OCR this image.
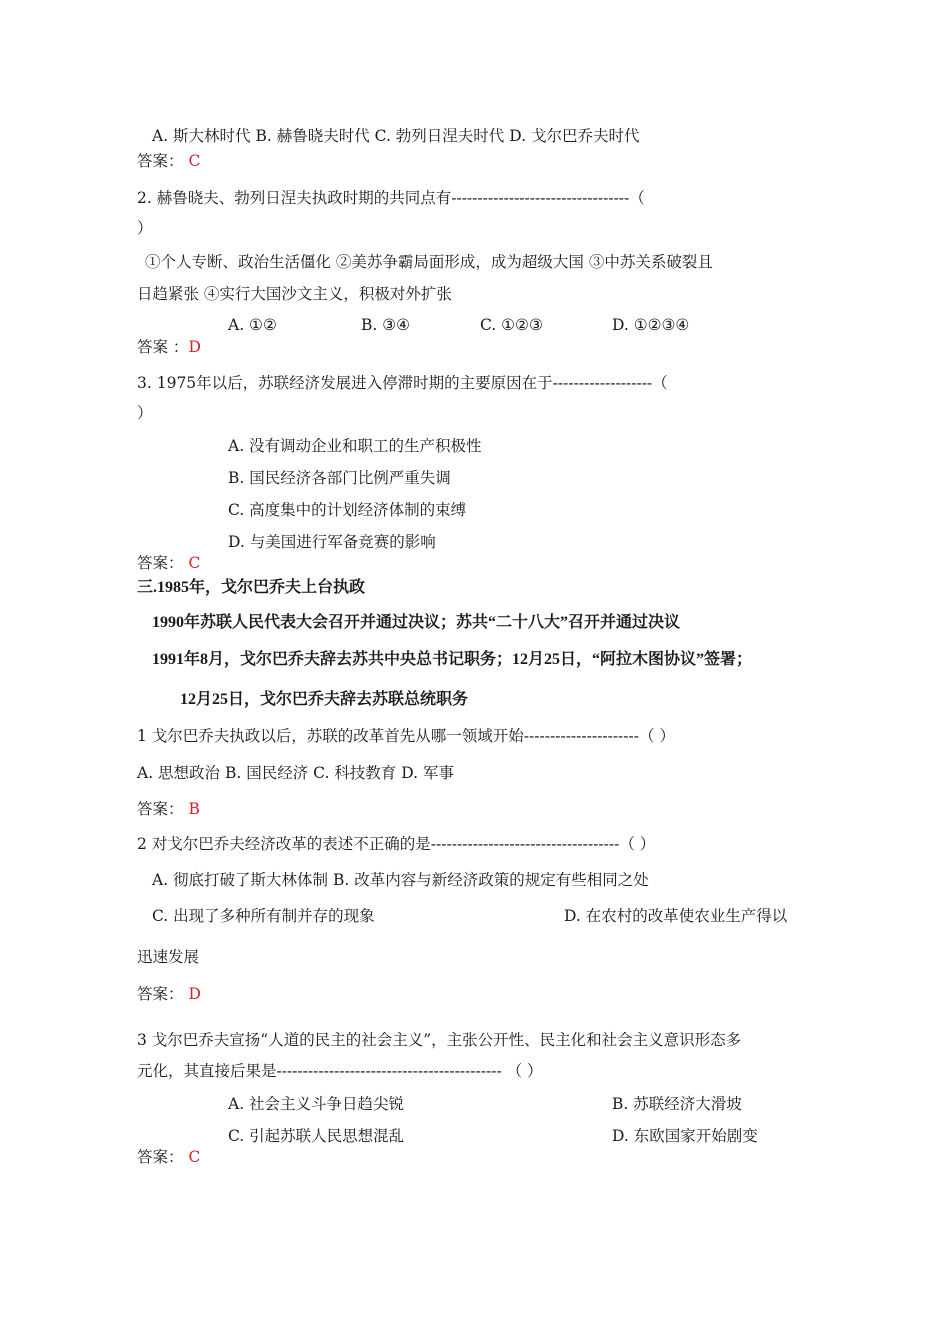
A. 斯大林时代 B. 赫鲁晓夫时代 C. 勃列日涅夫时代 D. 戈尔巴乔夫时代
答案： C
2. 赫鲁晓夫、勃列日涅夫执政时期的共同点有----------------------------------（
）
①个人专断、政治生活僵化 ②美苏争霸局面形成，成为超级大国 ③中苏关系破裂且
日趋紧张 ④实行大国沙文主义，积极对外扩张
A. ①②	B. ③④	C. ①②③	D. ①②③④
答案 ：D
3. 1975年以后，苏联经济发展进入停滞时期的主要原因在于-------------------（
）
A. 没有调动企业和职工的生产积极性
B. 国民经济各部门比例严重失调
C. 高度集中的计划经济体制的束缚
D. 与美国进行军备竞赛的影响
答案： C
三.1985年，戈尔巴乔夫上台执政
1990年苏联人民代表大会召开并通过决议；苏共“二十八大”召开并通过决议
1991年8月，戈尔巴乔夫辞去苏共中央总书记职务；12月25日，“阿拉木图协议”签署；
12月25日，戈尔巴乔夫辞去苏联总统职务
1 戈尔巴乔夫执政以后，苏联的改革首先从哪一领域开始----------------------（ ）
A. 思想政治 B. 国民经济 C. 科技教育 D. 军事
答案： B
2 对戈尔巴乔夫经济改革的表述不正确的是------------------------------------（ ）
A. 彻底打破了斯大林体制 B. 改革内容与新经济政策的规定有些相同之处
C. 出现了多种所有制并存的现象	D. 在农村的改革使农业生产得以
迅速发展
答案： D
3 戈尔巴乔夫宣扬“人道的民主的社会主义”，主张公开性、民主化和社会主义意识形态多
元化，其直接后果是------------------------------------------- （ ）
A. 社会主义斗争日趋尖锐	B. 苏联经济大滑坡
C. 引起苏联人民思想混乱	D. 东欧国家开始剧变
答案： C
